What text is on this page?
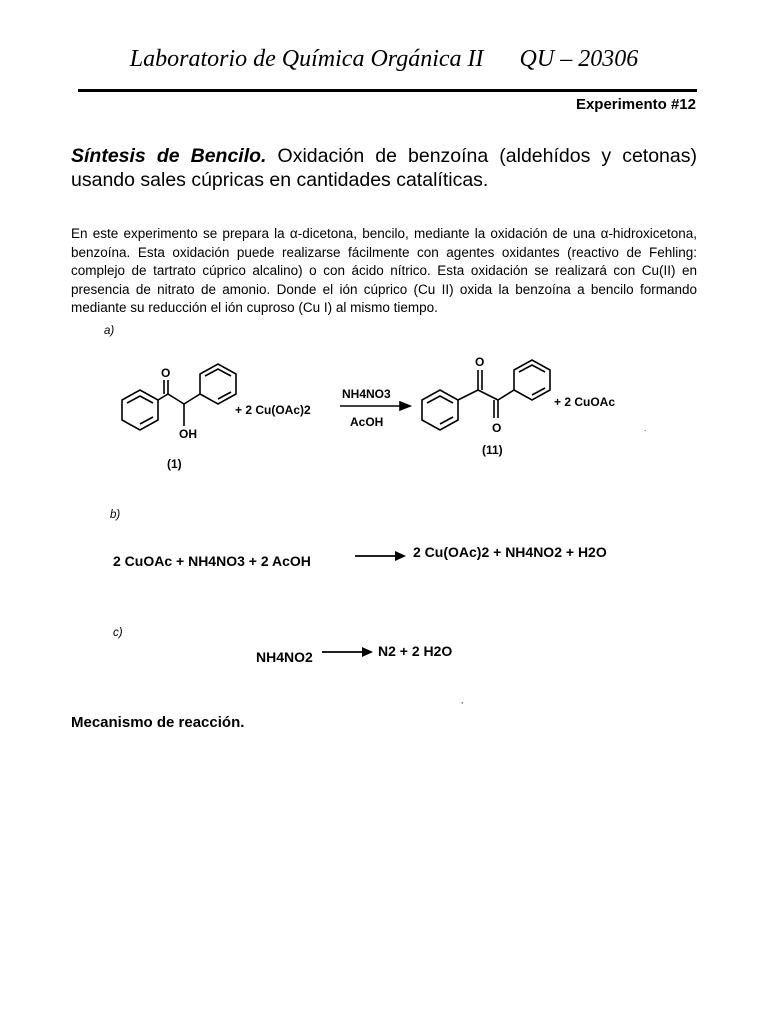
Laboratorio de Química Orgánica II      QU – 20306
Experimento #12
Síntesis de Bencilo. Oxidación de benzoína (aldehídos y cetonas) usando sales cúpricas en cantidades catalíticas.
En este experimento se prepara la α-dicetona, bencilo, mediante la oxidación de una α-hidroxicetona, benzoína. Esta oxidación puede realizarse fácilmente con agentes oxidantes (reactivo de Fehling: complejo de tartrato cúprico alcalino) o con ácido nítrico. Esta oxidación se realizará con Cu(II) en presencia de nitrato de amonio. Donde el ión cúprico (Cu II) oxida la benzoína a bencilo formando mediante su reducción el ión cuproso (Cu I) al mismo tiempo.
a)
O
OH
(1)
+ 2 Cu(OAc)2
NH4NO3
AcOH
O
O
(11)
+ 2 CuOAc
.
b)
2 CuOAc + NH4NO3 + 2 AcOH
2 Cu(OAc)2 + NH4NO2 + H2O
c)
NH4NO2	N2 + 2 H2O
,
Mecanismo de reacción.
